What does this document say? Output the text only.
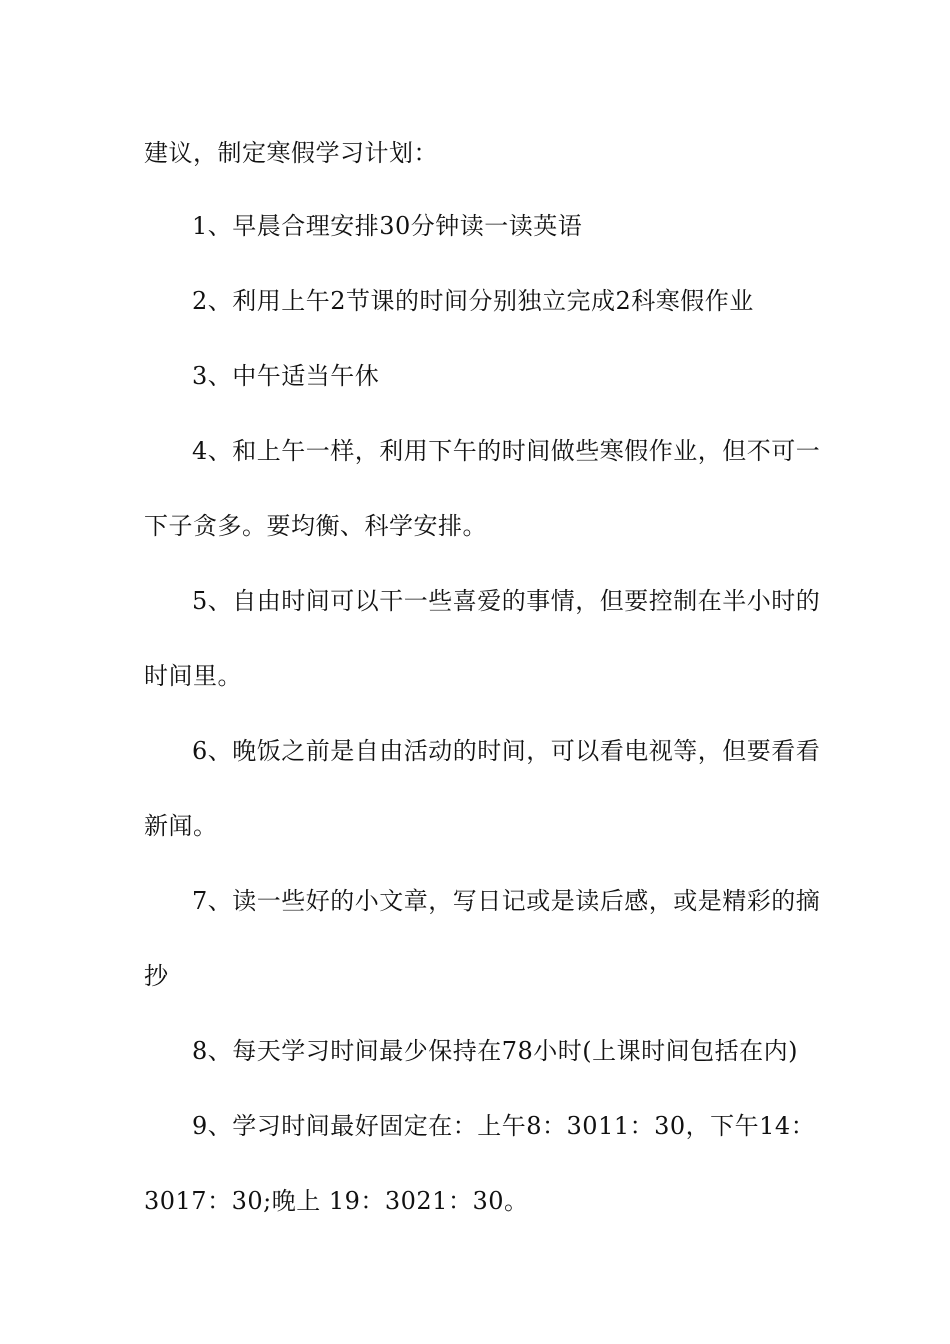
建议，制定寒假学习计划：
1、早晨合理安排30分钟读一读英语
2、利用上午2节课的时间分别独立完成2科寒假作业
3、中午适当午休
4、和上午一样，利用下午的时间做些寒假作业，但不可一
下子贪多。要均衡、科学安排。
5、自由时间可以干一些喜爱的事情，但要控制在半小时的
时间里。
6、晚饭之前是自由活动的时间，可以看电视等，但要看看
新闻。
7、读一些好的小文章，写日记或是读后感，或是精彩的摘
抄
8、每天学习时间最少保持在78小时(上课时间包括在内)
9、学习时间最好固定在：上午8：3011：30，下午14：
3017：30;晚上 19：3021：30。
